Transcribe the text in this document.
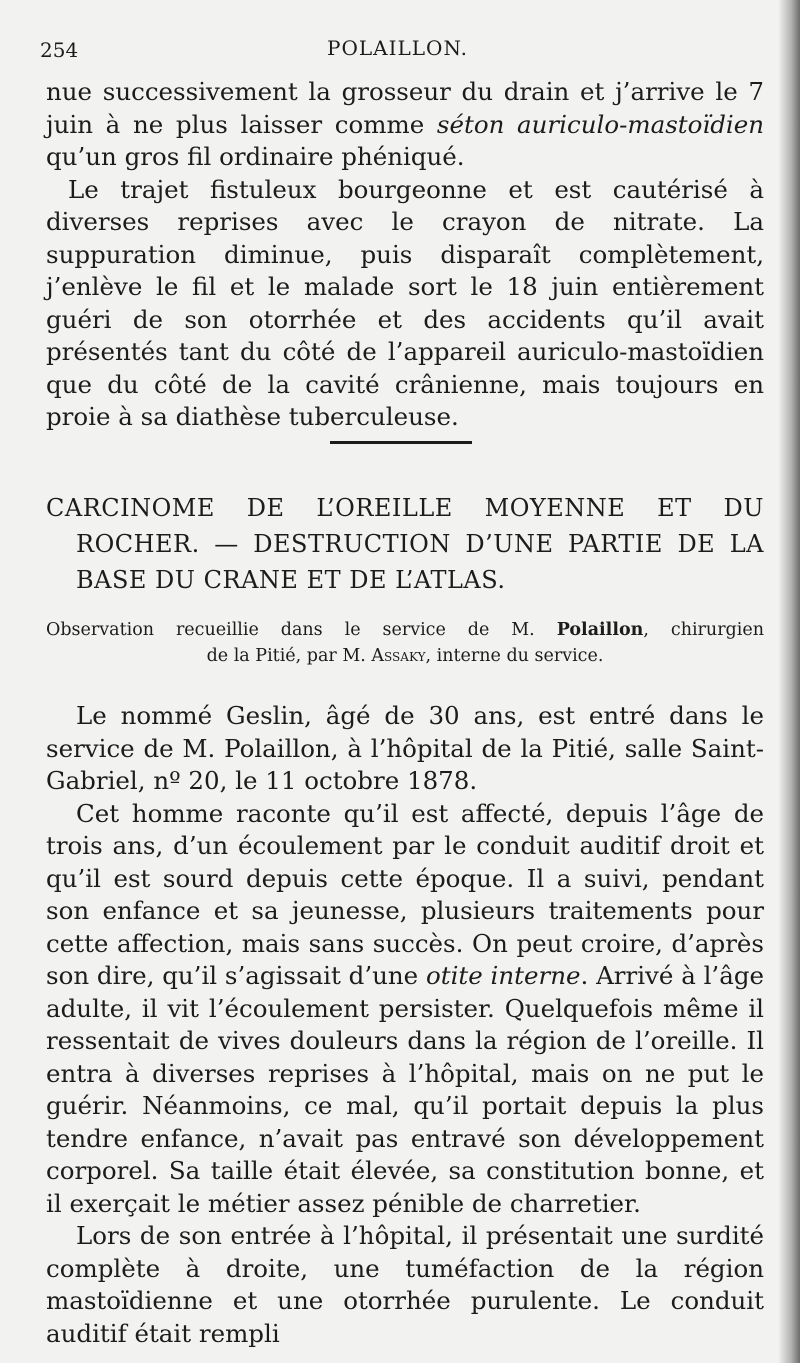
254	POLAILLON.

nue successivement la grosseur du drain et j’arrive le 7 juin à ne plus laisser comme séton auriculo-mastoïdien qu’un gros fil ordinaire phéniqué.

Le trajet fistuleux bourgeonne et est cautérisé à diverses reprises avec le crayon de nitrate. La suppuration diminue, puis disparaît complètement, j’enlève le fil et le malade sort le 18 juin entièrement guéri de son otorrhée et des accidents qu’il avait présentés tant du côté de l’appareil auriculo-mastoïdien que du côté de la cavité crânienne, mais toujours en proie à sa diathèse tuberculeuse.

CARCINOME DE L’OREILLE MOYENNE ET DU
ROCHER. — DESTRUCTION D’UNE PARTIE DE LA
BASE DU CRANE ET DE L’ATLAS.
Observation recueillie dans le service de M. Polaillon, chirurgien
de la Pitié, par M. Assaky, interne du service.

Le nommé Geslin, âgé de 30 ans, est entré dans le service de M. Polaillon, à l’hôpital de la Pitié, salle Saint-Gabriel, nº 20, le 11 octobre 1878.

Cet homme raconte qu’il est affecté, depuis l’âge de trois ans, d’un écoulement par le conduit auditif droit et qu’il est sourd depuis cette époque. Il a suivi, pendant son enfance et sa jeunesse, plusieurs traitements pour cette affection, mais sans succès. On peut croire, d’après son dire, qu’il s’agissait d’une otite interne. Arrivé à l’âge adulte, il vit l’écoulement persister. Quelquefois même il ressentait de vives douleurs dans la région de l’oreille. Il entra à diverses reprises à l’hôpital, mais on ne put le guérir. Néanmoins, ce mal, qu’il portait depuis la plus tendre enfance, n’avait pas entravé son développement corporel. Sa taille était élevée, sa constitution bonne, et il exerçait le métier assez pénible de charretier.

Lors de son entrée à l’hôpital, il présentait une surdité complète à droite, une tuméfaction de la région mastoïdienne et une otorrhée purulente. Le conduit auditif était rempli
